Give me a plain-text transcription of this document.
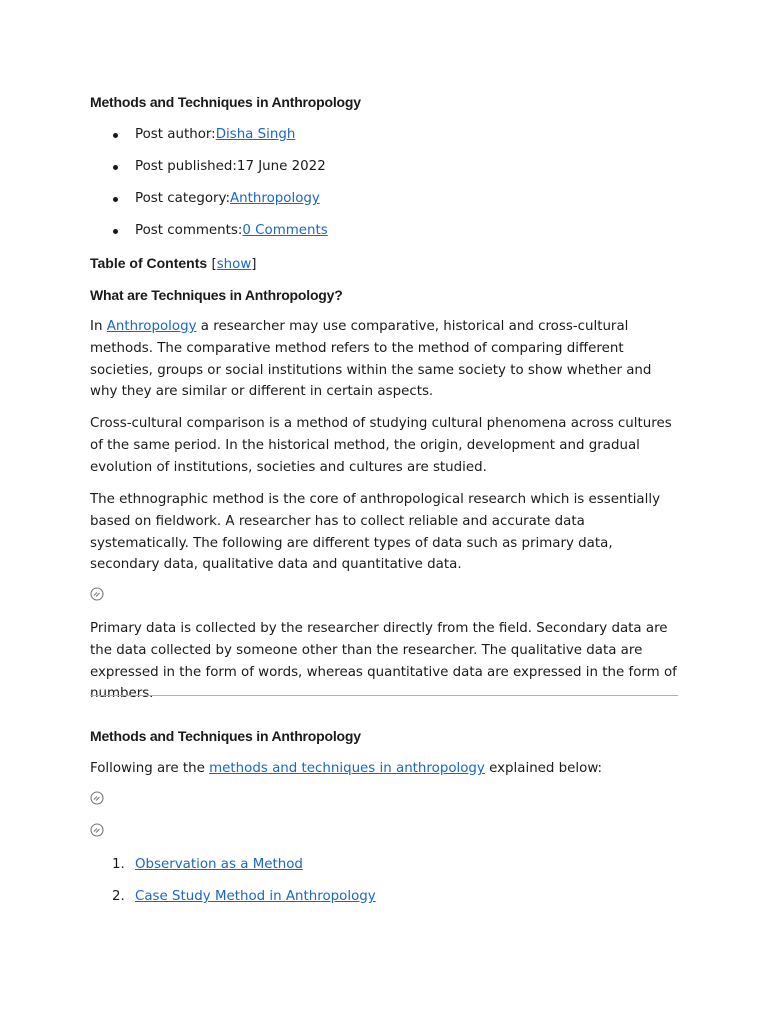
Methods and Techniques in Anthropology
Post author:Disha Singh
Post published:17 June 2022
Post category:Anthropology
Post comments:0 Comments
Table of Contents [show]
What are Techniques in Anthropology?

In Anthropology a researcher may use comparative, historical and cross-cultural methods. The comparative method refers to the method of comparing different societies, groups or social institutions within the same society to show whether and why they are similar or different in certain aspects.

Cross-cultural comparison is a method of studying cultural phenomena across cultures of the same period. In the historical method, the origin, development and gradual evolution of institutions, societies and cultures are studied.

The ethnographic method is the core of anthropological research which is essentially based on fieldwork. A researcher has to collect reliable and accurate data systematically. The following are different types of data such as primary data, secondary data, qualitative data and quantitative data.

Primary data is collected by the researcher directly from the field. Secondary data are the data collected by someone other than the researcher. The qualitative data are expressed in the form of words, whereas quantitative data are expressed in the form of numbers.

Methods and Techniques in Anthropology

Following are the methods and techniques in anthropology explained below:

1. Observation as a Method
2. Case Study Method in Anthropology
